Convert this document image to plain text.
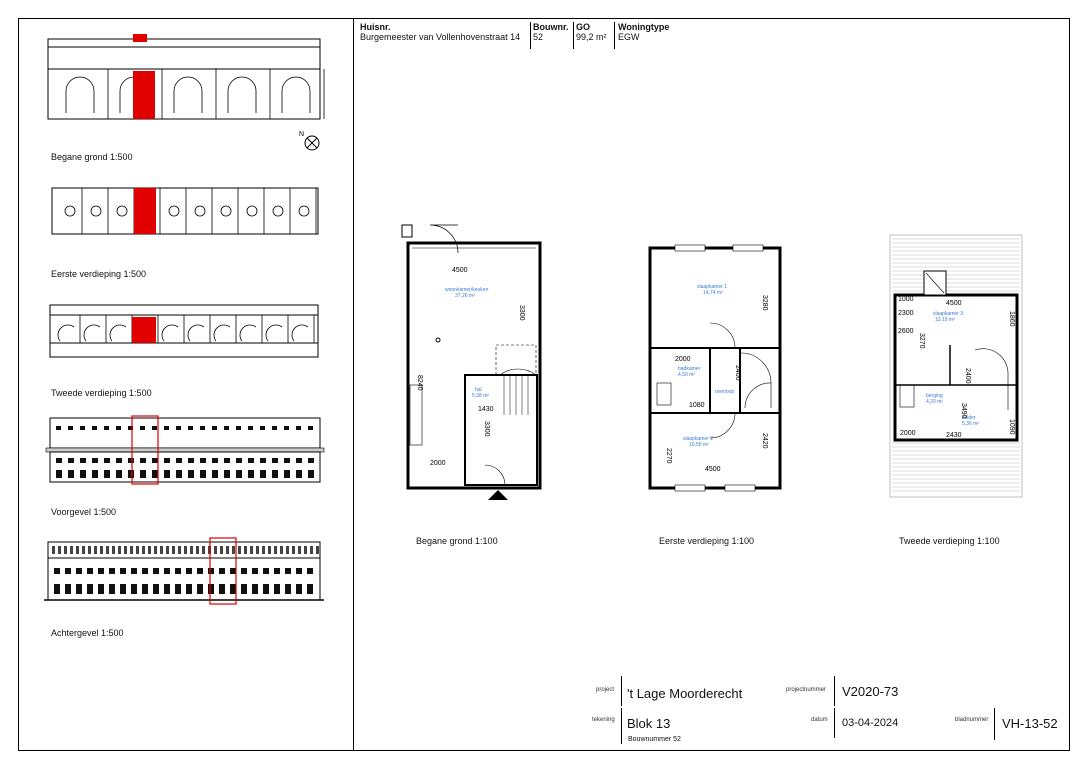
N
Begane grond 1:500
Eerste verdieping 1:500
Tweede verdieping 1:500
Voorgevel 1:500
Achtergevel 1:500
Huisnr.
Burgemeester van Vollenhovenstraat 14
Bouwnr.
52
GO
99,2 m²
Woningtype
EGW
4500
3300
8240
woonkamer/keuken
37,26 m²
hal
5,38 m²
1430
3300
2000
Begane grond 1:100
slaapkamer 1
14,74 m²
3280
2000
badkamer
4,50 m²
overloop
1080
2400
slaapkamer 2
10,55 m²
2270
2420
4500
Eerste verdieping 1:100
1000
4500
2300	slaapkamer 3
13,19 m²	1860
2600
3270
2400
berging
4,20 m²
zolder
5,36 m²
2000
3490
2430
1090
Tweede verdieping 1:100
project 't Lage Moorderecht	projectnummer V2020-73
tekening Blok 13
Bouwnummer 52
datum 03-04-2024	bladnummer VH-13-52
